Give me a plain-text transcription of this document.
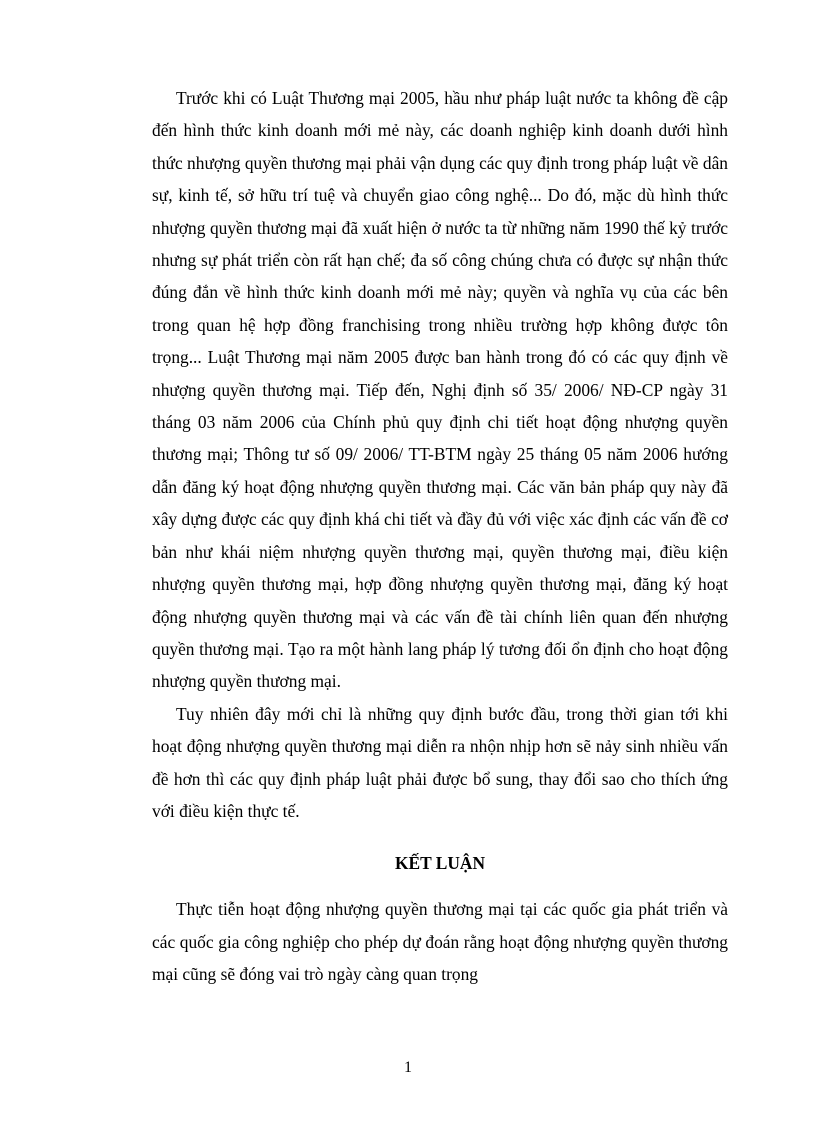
Trước khi có Luật Thương mại 2005, hầu như pháp luật nước ta không đề cập đến hình thức kinh doanh mới mẻ này, các doanh nghiệp kinh doanh dưới hình thức nhượng quyền thương mại phải vận dụng các quy định trong pháp luật về dân sự, kinh tế, sở hữu trí tuệ và chuyển giao công nghệ... Do đó, mặc dù hình thức nhượng quyền thương mại đã xuất hiện ở nước ta từ những năm 1990 thế kỷ trước nhưng sự phát triển còn rất hạn chế; đa số công chúng chưa có được sự nhận thức đúng đắn về hình thức kinh doanh mới mẻ này; quyền và nghĩa vụ của các bên trong quan hệ hợp đồng franchising trong nhiều trường hợp không được tôn trọng... Luật Thương mại năm 2005 được ban hành trong đó có các quy định về nhượng quyền thương mại. Tiếp đến, Nghị định số 35/ 2006/ NĐ-CP ngày 31 tháng 03 năm 2006 của Chính phủ quy định chi tiết hoạt động nhượng quyền thương mại; Thông tư số 09/ 2006/ TT-BTM ngày 25 tháng 05 năm 2006 hướng dẫn đăng ký hoạt động nhượng quyền thương mại. Các văn bản pháp quy này đã xây dựng được các quy định khá chi tiết và đầy đủ với việc xác định các vấn đề cơ bản như khái niệm nhượng quyền thương mại, quyền thương mại, điều kiện nhượng quyền thương mại, hợp đồng nhượng quyền thương mại, đăng ký hoạt động nhượng quyền thương mại và các vấn đề tài chính liên quan đến nhượng quyền thương mại. Tạo ra một hành lang pháp lý tương đối ổn định cho hoạt động nhượng quyền thương mại.

Tuy nhiên đây mới chỉ là những quy định bước đầu, trong thời gian tới khi hoạt động nhượng quyền thương mại diễn ra nhộn nhịp hơn sẽ nảy sinh nhiều vấn đề hơn thì các quy định pháp luật phải được bổ sung, thay đổi sao cho thích ứng với điều kiện thực tế.

KẾT LUẬN

Thực tiễn hoạt động nhượng quyền thương mại tại các quốc gia phát triển và các quốc gia công nghiệp cho phép dự đoán rằng hoạt động nhượng quyền thương mại cũng sẽ đóng vai trò ngày càng quan trọng

1
